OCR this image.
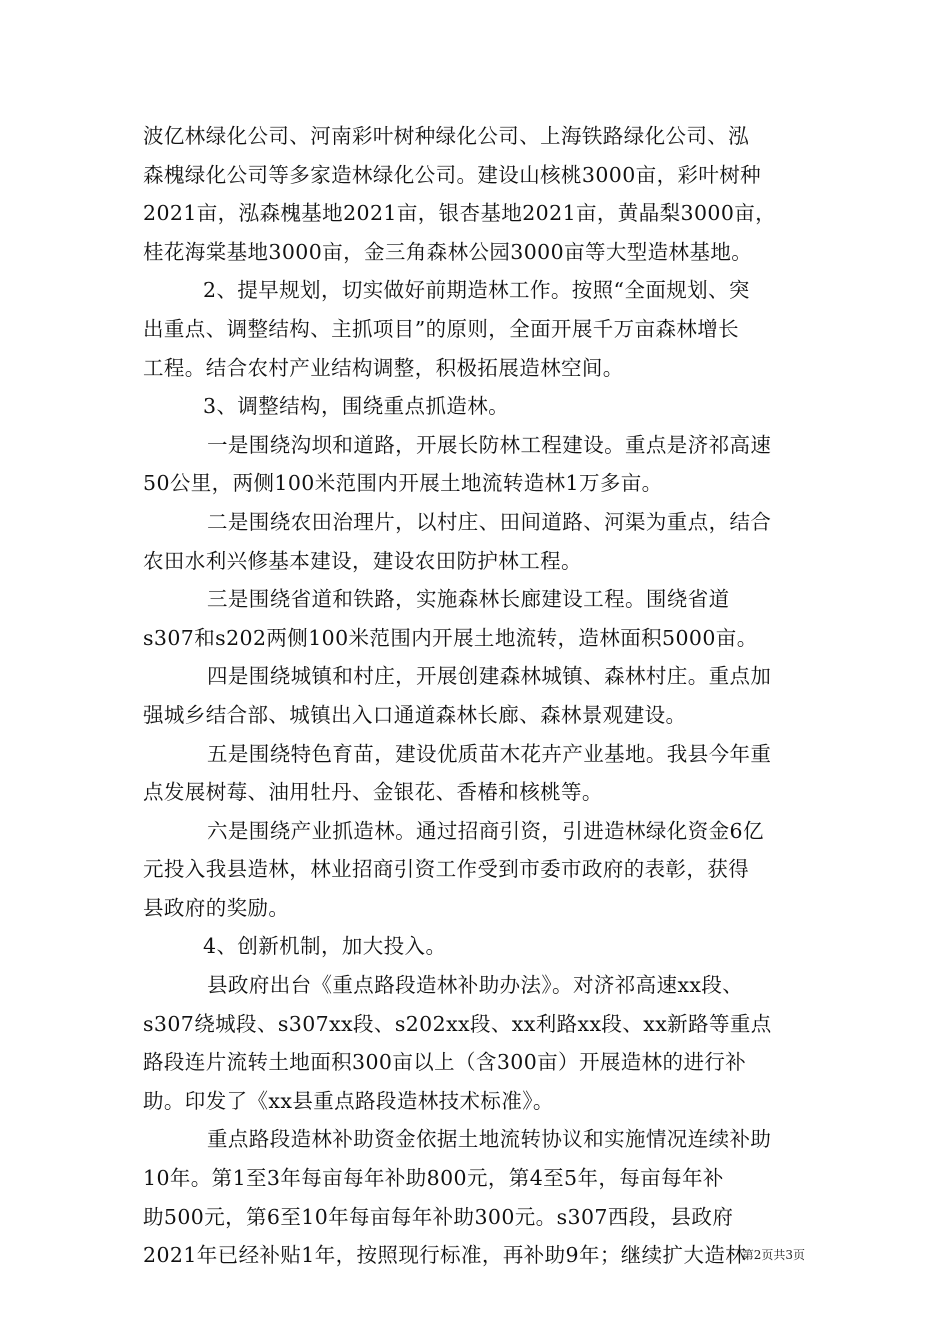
波亿林绿化公司、河南彩叶树种绿化公司、上海铁路绿化公司、泓
森槐绿化公司等多家造林绿化公司。建设山核桃3000亩，彩叶树种
2021亩，泓森槐基地2021亩，银杏基地2021亩，黄晶梨3000亩，
桂花海棠基地3000亩，金三角森林公园3000亩等大型造林基地。
2、提早规划，切实做好前期造林工作。按照“全面规划、突
出重点、调整结构、主抓项目”的原则，全面开展千万亩森林增长
工程。结合农村产业结构调整，积极拓展造林空间。
3、调整结构，围绕重点抓造林。
一是围绕沟坝和道路，开展长防林工程建设。重点是济祁高速
50公里，两侧100米范围内开展土地流转造林1万多亩。
二是围绕农田治理片，以村庄、田间道路、河渠为重点，结合
农田水利兴修基本建设，建设农田防护林工程。
三是围绕省道和铁路，实施森林长廊建设工程。围绕省道
s307和s202两侧100米范围内开展土地流转，造林面积5000亩。
四是围绕城镇和村庄，开展创建森林城镇、森林村庄。重点加
强城乡结合部、城镇出入口通道森林长廊、森林景观建设。
五是围绕特色育苗，建设优质苗木花卉产业基地。我县今年重
点发展树莓、油用牡丹、金银花、香椿和核桃等。
六是围绕产业抓造林。通过招商引资，引进造林绿化资金6亿
元投入我县造林，林业招商引资工作受到市委市政府的表彰，获得
县政府的奖励。
4、创新机制，加大投入。
县政府出台《重点路段造林补助办法》。对济祁高速xx段、
s307绕城段、s307xx段、s202xx段、xx利路xx段、xx新路等重点
路段连片流转土地面积300亩以上（含300亩）开展造林的进行补
助。印发了《xx县重点路段造林技术标准》。
重点路段造林补助资金依据土地流转协议和实施情况连续补助
10年。第1至3年每亩每年补助800元，第4至5年，每亩每年补
助500元，第6至10年每亩每年补助300元。s307西段，县政府
2021年已经补贴1年，按照现行标准，再补助9年；继续扩大造林
第2页共3页
